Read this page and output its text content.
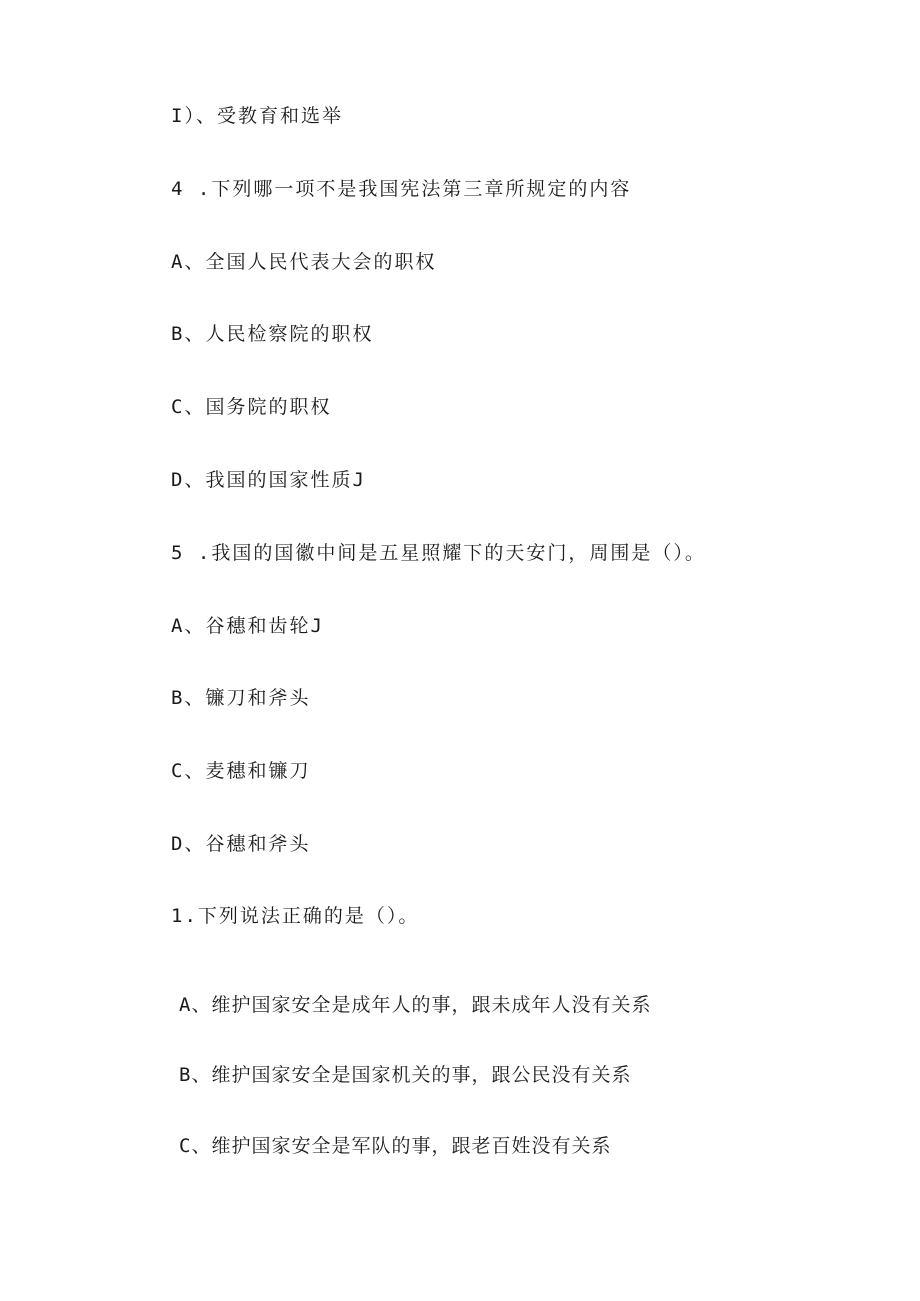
I）、受教育和选举
4 .下列哪一项不是我国宪法第三章所规定的内容
A、全国人民代表大会的职权
B、人民检察院的职权
C、国务院的职权
D、我国的国家性质J
5 .我国的国徽中间是五星照耀下的天安门，周围是（）。
A、谷穗和齿轮J
B、镰刀和斧头
C、麦穗和镰刀
D、谷穗和斧头
1.下列说法正确的是（）。
A、维护国家安全是成年人的事，跟未成年人没有关系
B、维护国家安全是国家机关的事，跟公民没有关系
C、维护国家安全是军队的事，跟老百姓没有关系
